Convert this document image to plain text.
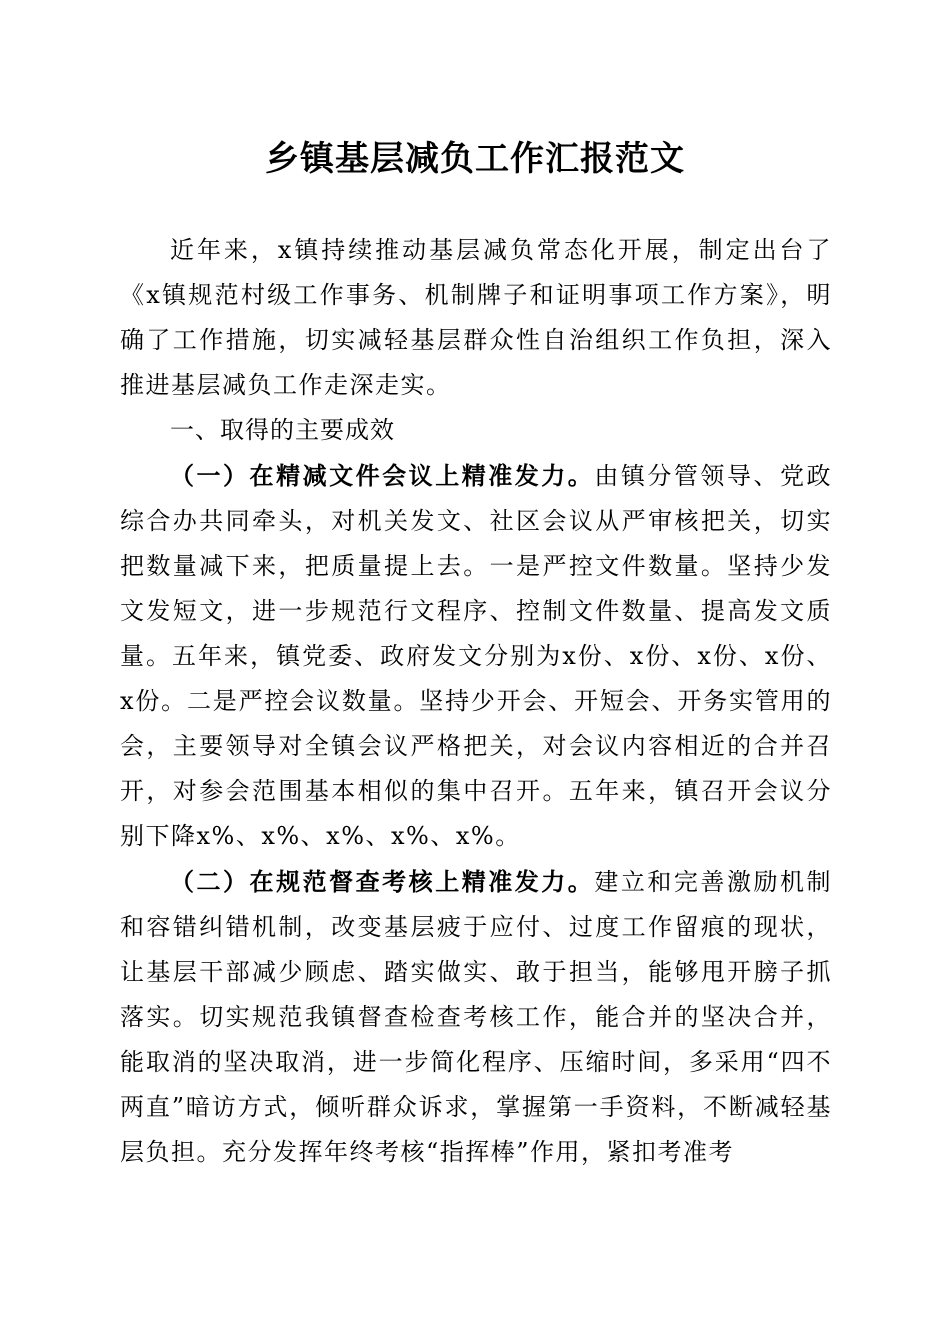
乡镇基层减负工作汇报范文

近年来，x镇持续推动基层减负常态化开展，制定出台了《x镇规范村级工作事务、机制牌子和证明事项工作方案》，明确了工作措施，切实减轻基层群众性自治组织工作负担，深入推进基层减负工作走深走实。

一、取得的主要成效

（一）在精减文件会议上精准发力。由镇分管领导、党政综合办共同牵头，对机关发文、社区会议从严审核把关，切实把数量减下来，把质量提上去。一是严控文件数量。坚持少发文发短文，进一步规范行文程序、控制文件数量、提高发文质量。五年来，镇党委、政府发文分别为x份、x份、x份、x份、x份。二是严控会议数量。坚持少开会、开短会、开务实管用的会，主要领导对全镇会议严格把关，对会议内容相近的合并召开，对参会范围基本相似的集中召开。五年来，镇召开会议分别下降x%、x%、x%、x%、x%。

（二）在规范督查考核上精准发力。建立和完善激励机制和容错纠错机制，改变基层疲于应付、过度工作留痕的现状，让基层干部减少顾虑、踏实做实、敢于担当，能够甩开膀子抓落实。切实规范我镇督查检查考核工作，能合并的坚决合并，能取消的坚决取消，进一步简化程序、压缩时间，多采用“四不两直”暗访方式，倾听群众诉求，掌握第一手资料，不断减轻基层负担。充分发挥年终考核“指挥棒”作用，紧扣考准考
